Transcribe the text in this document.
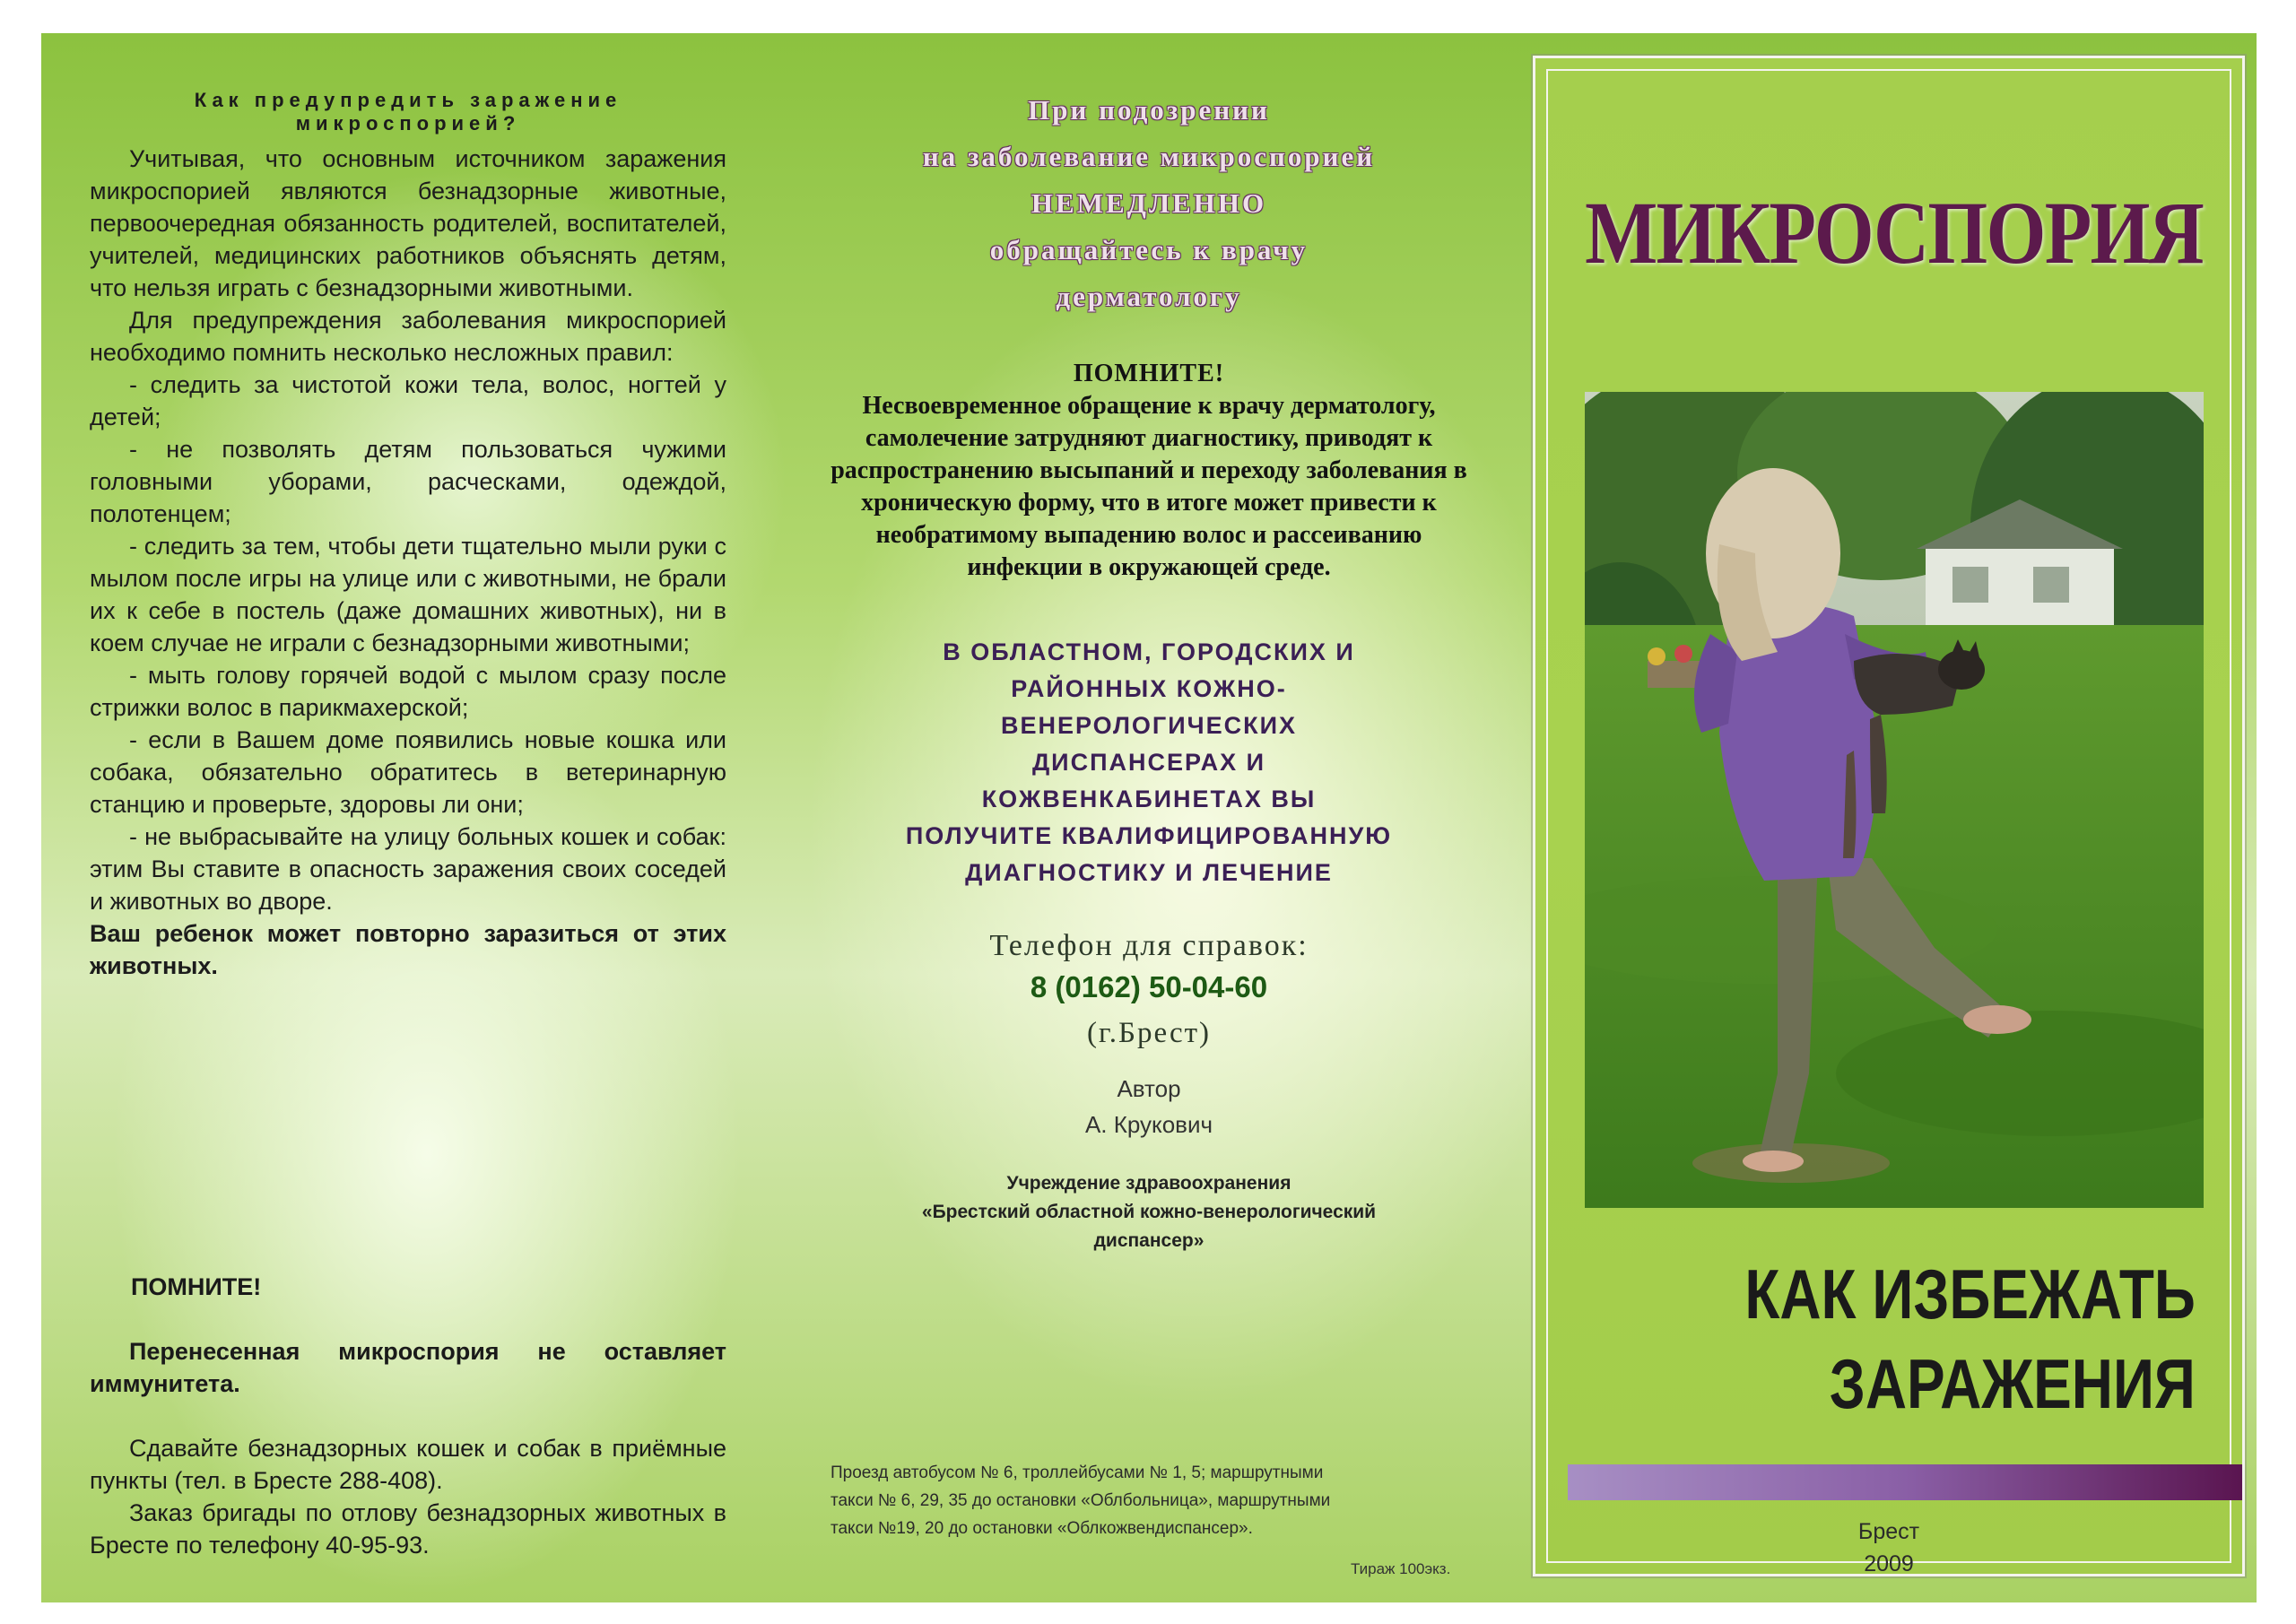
Как предупредить заражение микроспорией?

Учитывая, что основным источником заражения микроспорией являются безнадзорные животные, первоочередная обязанность родителей, воспитателей, учителей, медицинских работников объяснять детям, что нельзя играть с безнадзорными животными.

Для предупреждения заболевания микроспорией необходимо помнить несколько несложных правил:

- следить за чистотой кожи тела, волос, ногтей у детей;

- не позволять детям пользоваться чужими головными уборами, расческами, одеждой, полотенцем;

- следить за тем, чтобы дети тщательно мыли руки с мылом после игры на улице или с животными, не брали их к себе в постель (даже домашних животных), ни в коем случае не играли с безнадзорными животными;

- мыть голову горячей водой с мылом сразу после стрижки волос в парикмахерской;

- если в Вашем доме появились новые кошка или собака, обязательно обратитесь в ветеринарную станцию и проверьте, здоровы ли они;

- не выбрасывайте на улицу больных кошек и собак: этим Вы ставите в опасность заражения своих соседей и животных во дворе.

Ваш ребенок может повторно заразиться от этих животных.

ПОМНИТЕ!

Перенесенная микроспория не оставляет иммунитета.

Сдавайте безнадзорных кошек и собак в приёмные пункты (тел. в Бресте 288-408).

Заказ бригады по отлову безнадзорных животных в Бресте по телефону 40-95-93.

При подозрении
на заболевание микроспорией
НЕМЕДЛЕННО
обращайтесь к врачу
дерматологу
ПОМНИТЕ!
Несвоевременное обращение к врачу дерматологу, самолечение затрудняют диагностику, приводят к распространению высыпаний и переходу заболевания в хроническую форму, что в итоге может привести к необратимому выпадению волос и рассеиванию инфекции в окружающей среде.
В ОБЛАСТНОМ, ГОРОДСКИХ И
РАЙОННЫХ КОЖНО-
ВЕНЕРОЛОГИЧЕСКИХ
ДИСПАНСЕРАХ И
КОЖВЕНКАБИНЕТАХ ВЫ
ПОЛУЧИТЕ КВАЛИФИЦИРОВАННУЮ
ДИАГНОСТИКУ И ЛЕЧЕНИЕ
Телефон для справок:
8 (0162) 50-04-60
(г.Брест)
Автор
А. Крукович
Учреждение здравоохранения
«Брестский областной кожно-венерологический
диспансер»
Проезд автобусом № 6, троллейбусами № 1, 5; маршрутными
такси № 6, 29, 35 до остановки «Облбольница», маршрутными
такси №19, 20 до остановки «Облкожвендиспансер».
Тираж 100экз.
МИКРОСПОРИЯ
КАК ИЗБЕЖАТЬ
ЗАРАЖЕНИЯ
Брест
2009
